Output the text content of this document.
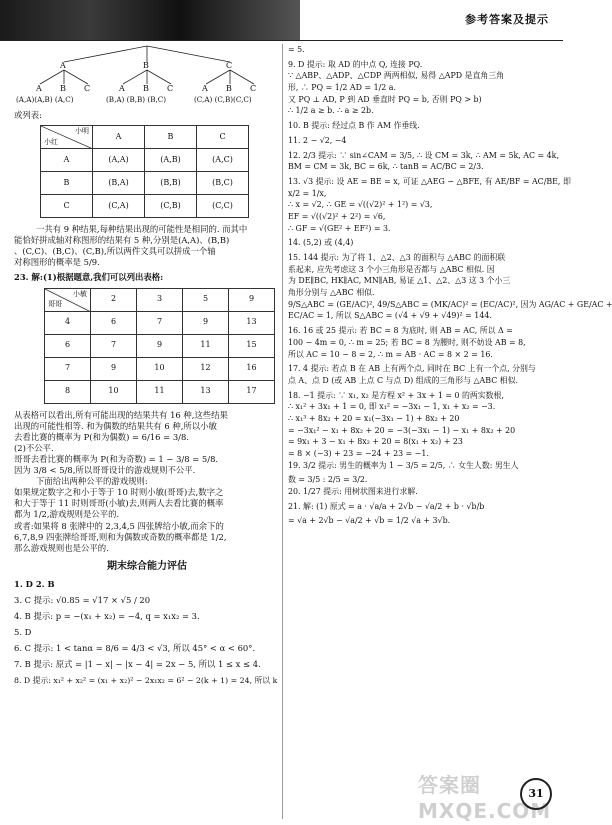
参考答案及提示
A	B	C
A B C	A B C	A B C
(A,A)(A,B) (A,C)	(B,A) (B,B) (B,C)	(C,A) (C,B)(C,C)

或列表:

小明
小红	A	B	C
A	(A,A)	(A,B)	(A,C)
B	(B,A)	(B,B)	(B,C)
C	(C,A)	(C,B)	(C,C)

一共有 9 种结果,每种结果出现的可能性是相同的. 而其中

能恰好拼成轴对称图形的结果有 5 种,分别是(A,A)、(B,B)

、(C,C)、(B,C)、(C,B),所以两件文具可以拼成一个轴

对称图形的概率是 5/9.

23. 解:(1)根据题意,我们可以列出表格:

小敏
哥哥	2	3	5	9
4	6	7	9	13
6	7	9	11	15
7	9	10	12	16
8	10	11	13	17

从表格可以看出,所有可能出现的结果共有 16 种,这些结果

出现的可能性相等. 和为偶数的结果共有 6 种,所以小敏

去看比赛的概率为 P(和为偶数) = 6/16 = 3/8.

(2)不公平.

哥哥去看比赛的概率为 P(和为奇数) = 1 − 3/8 = 5/8.

因为 3/8 < 5/8,所以哥哥设计的游戏规则不公平.

下面给出两种公平的游戏规则:

如果规定数字之和小于等于 10 时则小敏(哥哥)去,数字之

和大于等于 11 时则哥哥(小敏)去,则两人去看比赛的概率

都为 1/2,游戏规则是公平的.

或者:如果将 8 张牌中的 2,3,4,5 四张牌给小敏,而余下的

6,7,8,9 四张牌给哥哥,则和为偶数或奇数的概率都是 1/2,

那么游戏规则也是公平的.

期末综合能力评估

1. D 2. B

3. C 提示: √0.85 = √17 × √5 / 20

4. B 提示: p = −(x₁ + x₂) = −4, q = x₁x₂ = 3.

5. D

6. C 提示: 1 < tanα = 8/6 = 4/3 < √3, 所以 45° < α < 60°.

7. B 提示: 原式 = |1 − x| − |x − 4| = 2x − 5, 所以 1 ≤ x ≤ 4.

8. D 提示: x₁² + x₂² = (x₁ + x₂)² − 2x₁x₂ = 6² − 2(k + 1) = 24, 所以 k

= 5.

9. D 提示: 取 AD 的中点 Q, 连接 PQ.

∵ △ABP、△ADP、△CDP 两两相似, 易得 △APD 是直角三角

形, ∴ PQ = 1/2 AD = 1/2 a.

又 PQ ⊥ AD, P 到 AD 垂直时 PQ = b, 否则 PQ > b)

∴ 1/2 a ≥ b. ∴ a ≥ 2b.

10. B 提示: 经过点 B 作 AM 作垂线.

11. 2 − √2, −4

12. 2/3 提示: ∵ sin∠CAM = 3/5, ∴ 设 CM = 3k, ∴ AM = 5k, AC = 4k,

BM = CM = 3k, BC = 6k, ∴ tanB = AC/BC = 2/3.

13. √3 提示: 设 AE = BE = x, 可证 △AEG ∽ △BFE, 有 AE/BF = AC/BE, 即

x/2 = 1/x,

∴ x = √2, ∴ GE = √((√2)² + 1²) = √3,

EF = √((√2)² + 2²) = √6,

∴ GF = √(GE² + EF²) = 3.

14. (5,2) 或 (4,4)

15. 144 提示: 为了将 1、△2、△3 的面积与 △ABC 的面积联

系起来, 应先考虑这 3 个小三角形是否都与 △ABC 相似. 因

为 DE∥BC, HK∥AC, MN∥AB, 易证 △1、△2、△3 这 3 个小三

角形分别与 △ABC 相似.

9/S△ABC = (GE/AC)², 49/S△ABC = (MK/AC)² = (EC/AC)², 因为 AG/AC + GE/AC +

EC/AC = 1, 所以 S△ABC = (√4 + √9 + √49)² = 144.

16. 16 或 25 提示: 若 BC = 8 为底时, 则 AB = AC, 所以 Δ =

100 − 4m = 0, ∴ m = 25; 若 BC = 8 为腰时, 则不妨设 AB = 8,

所以 AC = 10 − 8 = 2, ∴ m = AB · AC = 8 × 2 = 16.

17. 4 提示: 若点 B 在 AB 上有两个点, 同时在 BC 上有一个点, 分别与

点 A、点 D (或 AB 上点 C 与点 D) 组成的三角形与 △ABC 相似.

18. −1 提示: ∵ x₁, x₂ 是方程 x² + 3x + 1 = 0 的两实数根,

∴ x₁² + 3x₁ + 1 = 0, 即 x₁² = −3x₁ − 1, x₁ + x₂ = −3.

∴ x₁³ + 8x₂ + 20 = x₁(−3x₁ − 1) + 8x₂ + 20

= −3x₁² − x₁ + 8x₂ + 20 = −3(−3x₁ − 1) − x₁ + 8x₂ + 20

= 9x₁ + 3 − x₁ + 8x₂ + 20 = 8(x₁ + x₂) + 23

= 8 × (−3) + 23 = −24 + 23 = −1.

19. 3/2 提示: 男生的概率为 1 − 3/5 = 2/5, ∴ 女生人数: 男生人

数 = 3/5 : 2/5 = 3/2.

20. 1/27 提示: 用树状图来进行求解.

21. 解: (1) 原式 = a · √a/a + 2√b − √a/2 + b · √b/b

= √a + 2√b − √a/2 + √b = 1/2 √a + 3√b.

答案圈 MXQE.COM
31
